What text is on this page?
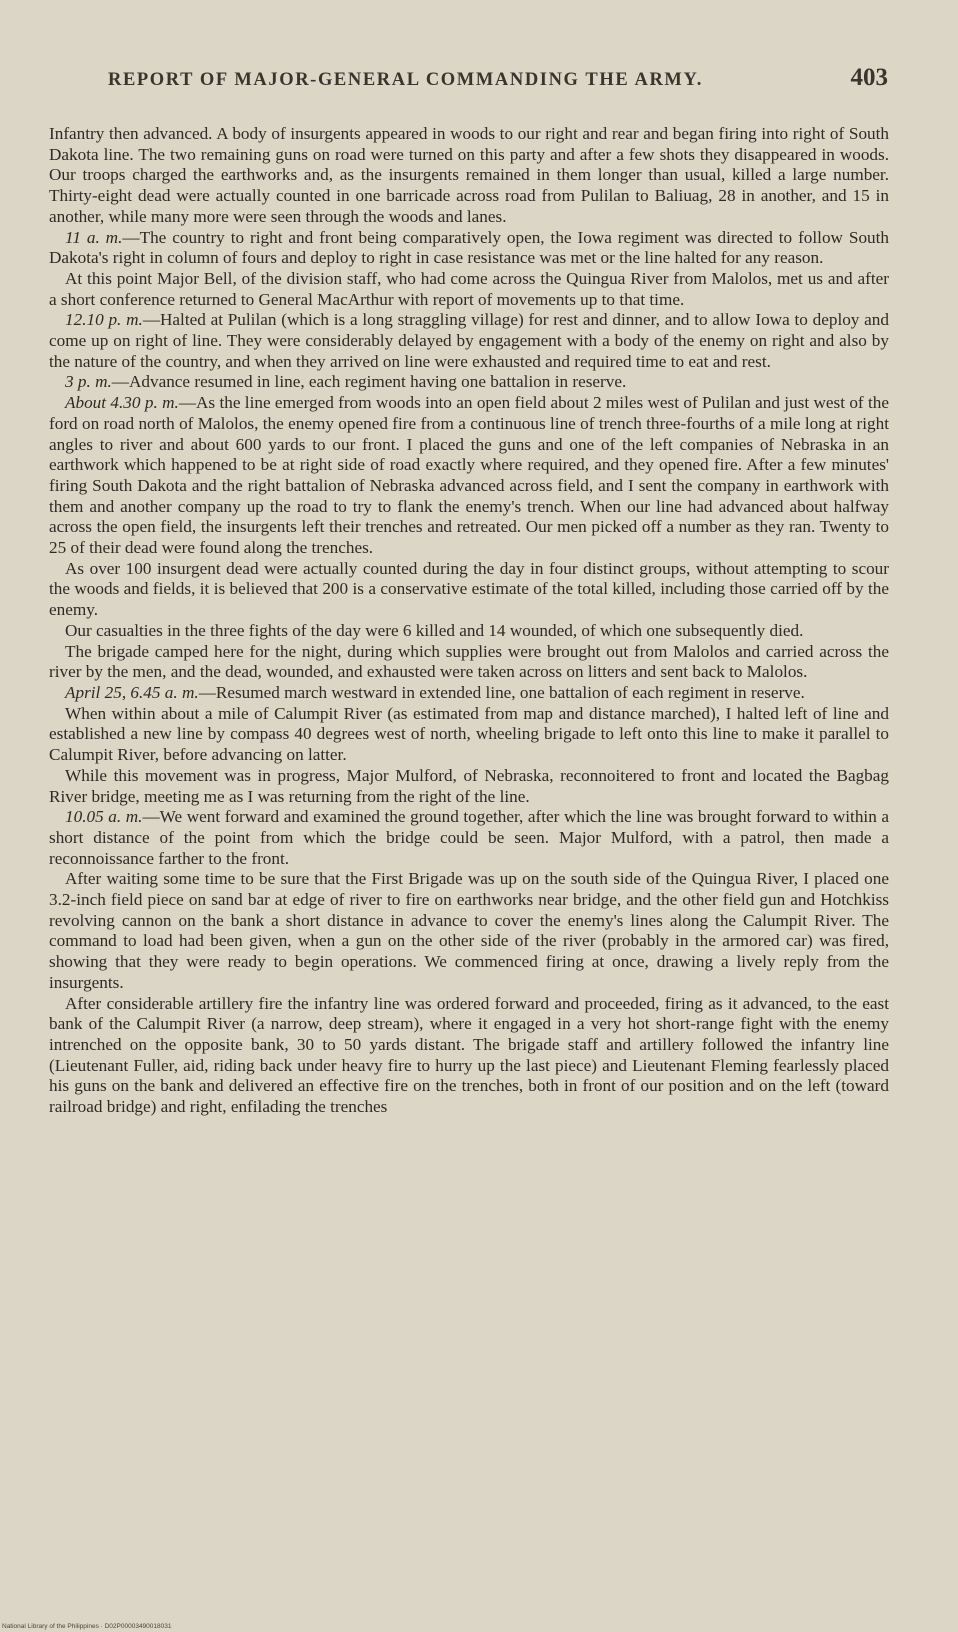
REPORT OF MAJOR-GENERAL COMMANDING THE ARMY.	403

Infantry then advanced. A body of insurgents appeared in woods to our right and rear and began firing into right of South Dakota line. The two remaining guns on road were turned on this party and after a few shots they disappeared in woods. Our troops charged the earthworks and, as the insurgents remained in them longer than usual, killed a large number. Thirty-eight dead were actually counted in one barricade across road from Pulilan to Baliuag, 28 in another, and 15 in another, while many more were seen through the woods and lanes.

11 a. m.—The country to right and front being comparatively open, the Iowa regiment was directed to follow South Dakota's right in column of fours and deploy to right in case resistance was met or the line halted for any reason.

At this point Major Bell, of the division staff, who had come across the Quingua River from Malolos, met us and after a short conference returned to General MacArthur with report of movements up to that time.

12.10 p. m.—Halted at Pulilan (which is a long straggling village) for rest and dinner, and to allow Iowa to deploy and come up on right of line. They were considerably delayed by engagement with a body of the enemy on right and also by the nature of the country, and when they arrived on line were exhausted and required time to eat and rest.

3 p. m.—Advance resumed in line, each regiment having one battalion in reserve.

About 4.30 p. m.—As the line emerged from woods into an open field about 2 miles west of Pulilan and just west of the ford on road north of Malolos, the enemy opened fire from a continuous line of trench three-fourths of a mile long at right angles to river and about 600 yards to our front. I placed the guns and one of the left companies of Nebraska in an earthwork which happened to be at right side of road exactly where required, and they opened fire. After a few minutes' firing South Dakota and the right battalion of Nebraska advanced across field, and I sent the company in earthwork with them and another company up the road to try to flank the enemy's trench. When our line had advanced about halfway across the open field, the insurgents left their trenches and retreated. Our men picked off a number as they ran. Twenty to 25 of their dead were found along the trenches.

As over 100 insurgent dead were actually counted during the day in four distinct groups, without attempting to scour the woods and fields, it is believed that 200 is a conservative estimate of the total killed, including those carried off by the enemy.

Our casualties in the three fights of the day were 6 killed and 14 wounded, of which one subsequently died.

The brigade camped here for the night, during which supplies were brought out from Malolos and carried across the river by the men, and the dead, wounded, and exhausted were taken across on litters and sent back to Malolos.

April 25, 6.45 a. m.—Resumed march westward in extended line, one battalion of each regiment in reserve.

When within about a mile of Calumpit River (as estimated from map and distance marched), I halted left of line and established a new line by compass 40 degrees west of north, wheeling brigade to left onto this line to make it parallel to Calumpit River, before advancing on latter.

While this movement was in progress, Major Mulford, of Nebraska, reconnoitered to front and located the Bagbag River bridge, meeting me as I was returning from the right of the line.

10.05 a. m.—We went forward and examined the ground together, after which the line was brought forward to within a short distance of the point from which the bridge could be seen. Major Mulford, with a patrol, then made a reconnoissance farther to the front.

After waiting some time to be sure that the First Brigade was up on the south side of the Quingua River, I placed one 3.2-inch field piece on sand bar at edge of river to fire on earthworks near bridge, and the other field gun and Hotchkiss revolving cannon on the bank a short distance in advance to cover the enemy's lines along the Calumpit River. The command to load had been given, when a gun on the other side of the river (probably in the armored car) was fired, showing that they were ready to begin operations. We commenced firing at once, drawing a lively reply from the insurgents.

After considerable artillery fire the infantry line was ordered forward and proceeded, firing as it advanced, to the east bank of the Calumpit River (a narrow, deep stream), where it engaged in a very hot short-range fight with the enemy intrenched on the opposite bank, 30 to 50 yards distant. The brigade staff and artillery followed the infantry line (Lieutenant Fuller, aid, riding back under heavy fire to hurry up the last piece) and Lieutenant Fleming fearlessly placed his guns on the bank and delivered an effective fire on the trenches, both in front of our position and on the left (toward railroad bridge) and right, enfilading the trenches

National Library of the Philippines · D02P00003490018031
